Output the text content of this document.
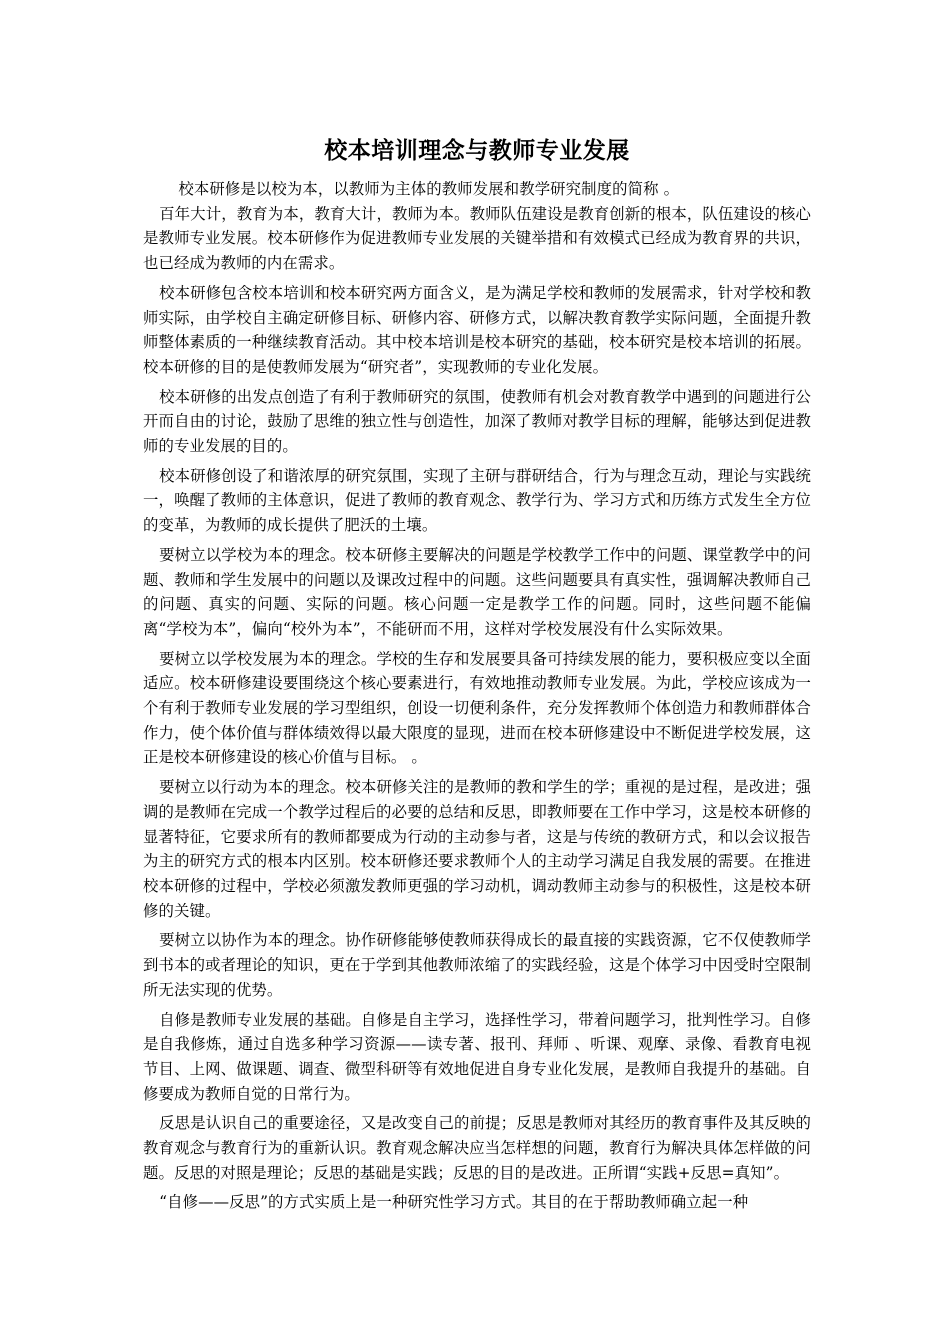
校本培训理念与教师专业发展

校本研修是以校为本，以教师为主体的教师发展和教学研究制度的简称 。

百年大计，教育为本，教育大计，教师为本。教师队伍建设是教育创新的根本，队伍建设的核心是教师专业发展。校本研修作为促进教师专业发展的关键举措和有效模式已经成为教育界的共识，也已经成为教师的内在需求。

校本研修包含校本培训和校本研究两方面含义，是为满足学校和教师的发展需求，针对学校和教师实际，由学校自主确定研修目标、研修内容、研修方式，以解决教育教学实际问题，全面提升教师整体素质的一种继续教育活动。其中校本培训是校本研究的基础，校本研究是校本培训的拓展。校本研修的目的是使教师发展为“研究者”，实现教师的专业化发展。

校本研修的出发点创造了有利于教师研究的氛围，使教师有机会对教育教学中遇到的问题进行公开而自由的讨论，鼓励了思维的独立性与创造性，加深了教师对教学目标的理解，能够达到促进教师的专业发展的目的。

校本研修创设了和谐浓厚的研究氛围，实现了主研与群研结合，行为与理念互动，理论与实践统一，唤醒了教师的主体意识，促进了教师的教育观念、教学行为、学习方式和历练方式发生全方位的变革，为教师的成长提供了肥沃的土壤。

要树立以学校为本的理念。校本研修主要解决的问题是学校教学工作中的问题、课堂教学中的问题、教师和学生发展中的问题以及课改过程中的问题。这些问题要具有真实性，强调解决教师自己的问题、真实的问题、实际的问题。核心问题一定是教学工作的问题。同时，这些问题不能偏离“学校为本”，偏向“校外为本”，不能研而不用，这样对学校发展没有什么实际效果。

要树立以学校发展为本的理念。学校的生存和发展要具备可持续发展的能力，要积极应变以全面适应。校本研修建设要围绕这个核心要素进行，有效地推动教师专业发展。为此，学校应该成为一个有利于教师专业发展的学习型组织，创设一切便利条件，充分发挥教师个体创造力和教师群体合作力，使个体价值与群体绩效得以最大限度的显现，进而在校本研修建设中不断促进学校发展，这正是校本研修建设的核心价值与目标。 。

要树立以行动为本的理念。校本研修关注的是教师的教和学生的学；重视的是过程，是改进；强调的是教师在完成一个教学过程后的必要的总结和反思，即教师要在工作中学习，这是校本研修的显著特征，它要求所有的教师都要成为行动的主动参与者，这是与传统的教研方式，和以会议报告为主的研究方式的根本内区别。校本研修还要求教师个人的主动学习满足自我发展的需要。在推进校本研修的过程中，学校必须激发教师更强的学习动机，调动教师主动参与的积极性，这是校本研修的关键。

要树立以协作为本的理念。协作研修能够使教师获得成长的最直接的实践资源，它不仅使教师学到书本的或者理论的知识，更在于学到其他教师浓缩了的实践经验，这是个体学习中因受时空限制所无法实现的优势。

自修是教师专业发展的基础。自修是自主学习，选择性学习，带着问题学习，批判性学习。自修是自我修炼，通过自选多种学习资源——读专著、报刊、拜师 、听课、观摩、录像、看教育电视节目、上网、做课题、调查、微型科研等有效地促进自身专业化发展，是教师自我提升的基础。自修要成为教师自觉的日常行为。

反思是认识自己的重要途径，又是改变自己的前提；反思是教师对其经历的教育事件及其反映的教育观念与教育行为的重新认识。教育观念解决应当怎样想的问题，教育行为解决具体怎样做的问题。反思的对照是理论；反思的基础是实践；反思的目的是改进。正所谓“实践+反思=真知”。

“自修——反思”的方式实质上是一种研究性学习方式。其目的在于帮助教师确立起一种
